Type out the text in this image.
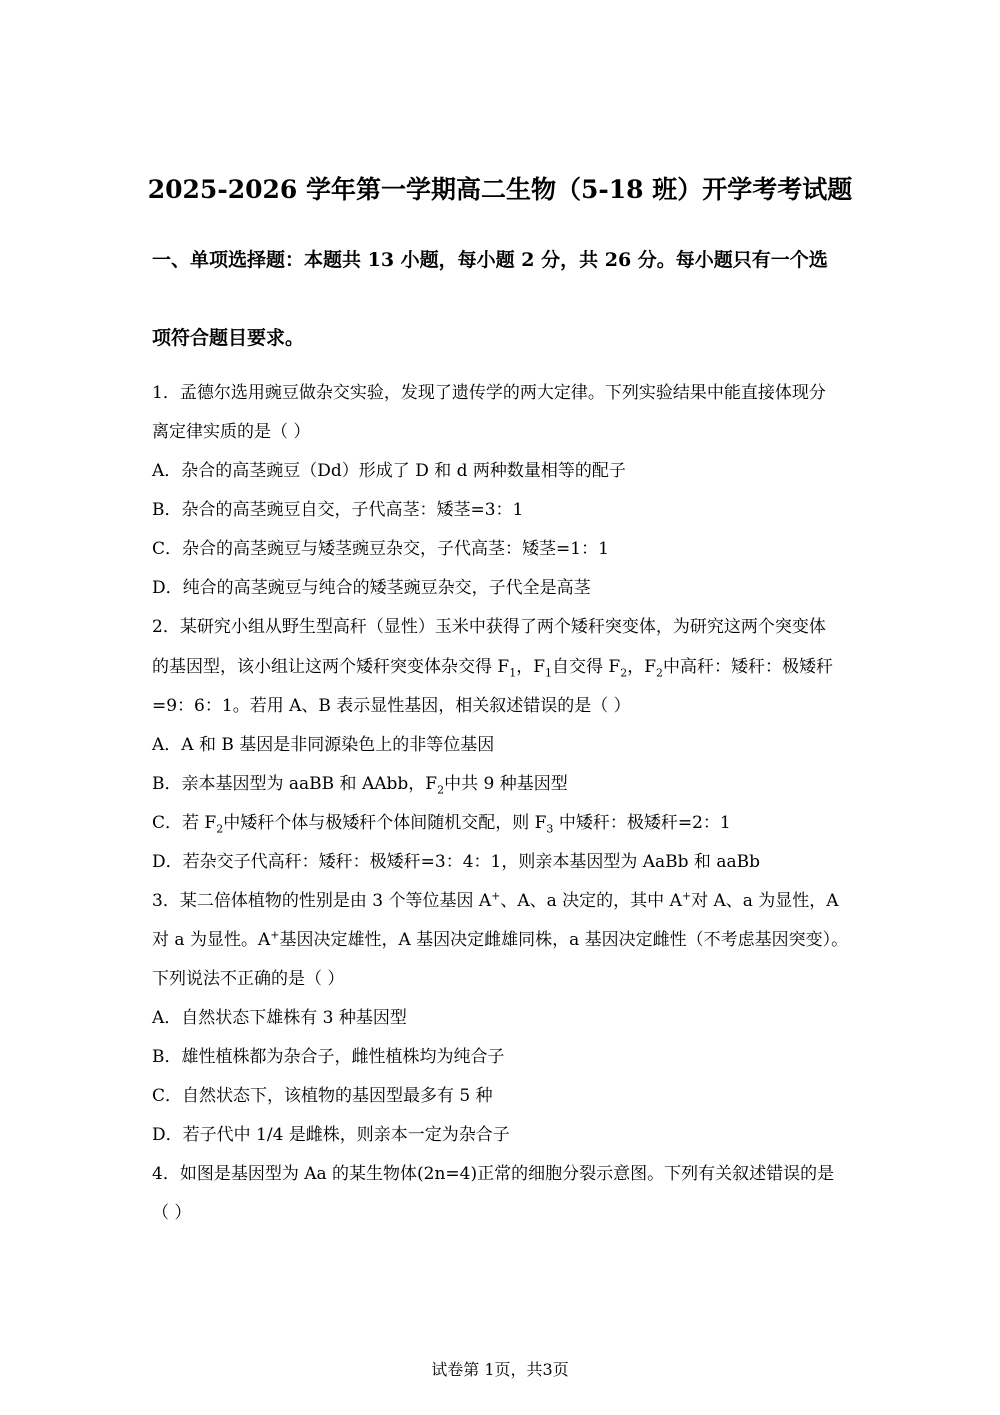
2025-2026 学年第一学期高二生物（5-18 班）开学考考试题
一、单项选择题：本题共 13 小题，每小题 2 分，共 26 分。每小题只有一个选
项符合题目要求。
1．孟德尔选用豌豆做杂交实验，发现了遗传学的两大定律。下列实验结果中能直接体现分
离定律实质的是（ ）
A．杂合的高茎豌豆（Dd）形成了 D 和 d 两种数量相等的配子
B．杂合的高茎豌豆自交，子代高茎：矮茎=3：1
C．杂合的高茎豌豆与矮茎豌豆杂交，子代高茎：矮茎=1：1
D．纯合的高茎豌豆与纯合的矮茎豌豆杂交，子代全是高茎
2．某研究小组从野生型高秆（显性）玉米中获得了两个矮秆突变体，为研究这两个突变体
的基因型，该小组让这两个矮秆突变体杂交得 $F_1$，$F_1$自交得 $F_2$，$F_2$中高秆：矮秆：极矮秆
=9：6：1。若用 A、B 表示显性基因，相关叙述错误的是（ ）
A．A 和 B 基因是非同源染色上的非等位基因
B．亲本基因型为 aaBB 和 AAbb，$F_2$中共 9 种基因型
C．若 $F_2$中矮秆个体与极矮秆个体间随机交配，则 $F_3$ 中矮秆：极矮秆=2：1
D．若杂交子代高秆：矮秆：极矮秆=3：4：1，则亲本基因型为 AaBb 和 aaBb
3．某二倍体植物的性别是由 3 个等位基因 A+、A、a 决定的，其中 A+对 A、a 为显性，A
对 a 为显性。A+基因决定雄性，A 基因决定雌雄同株，a 基因决定雌性（不考虑基因突变）。
下列说法不正确的是（ ）
A．自然状态下雄株有 3 种基因型
B．雄性植株都为杂合子，雌性植株均为纯合子
C．自然状态下，该植物的基因型最多有 5 种
D．若子代中 1/4 是雌株，则亲本一定为杂合子
4．如图是基因型为 Aa 的某生物体(2n=4)正常的细胞分裂示意图。下列有关叙述错误的是
（ ）
试卷第 1页，共3页
